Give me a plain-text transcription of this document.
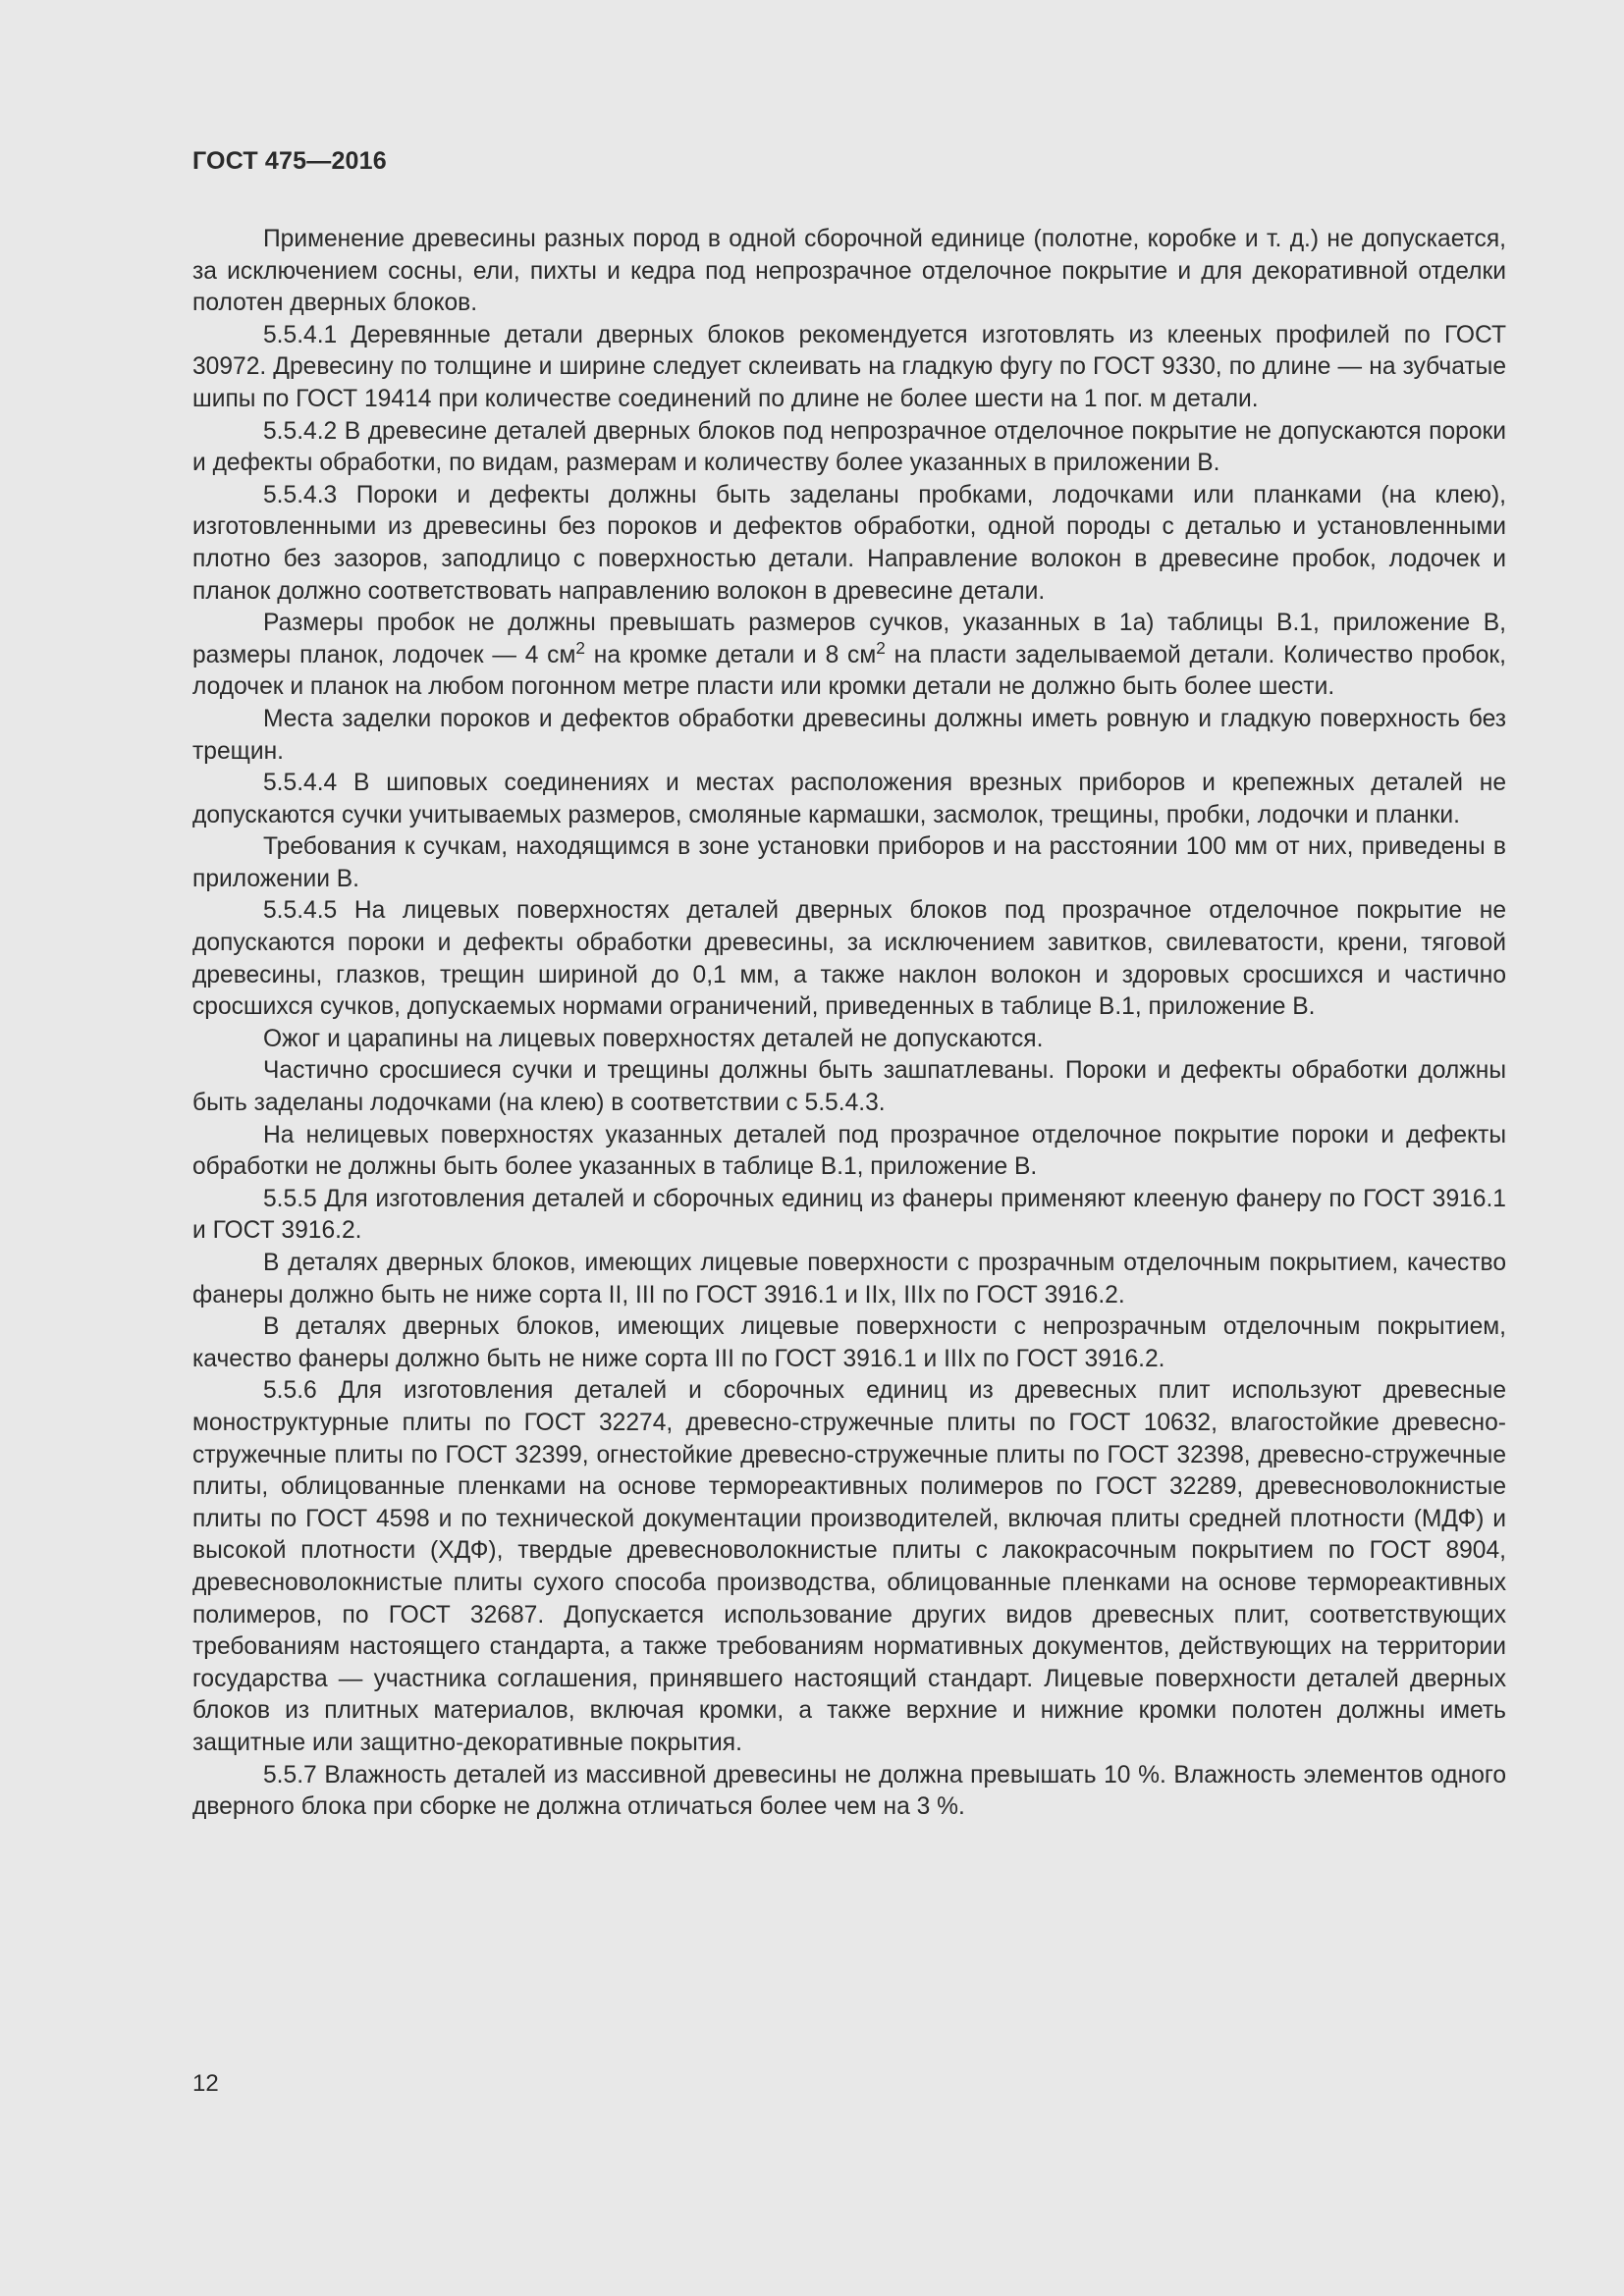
ГОСТ 475—2016

Применение древесины разных пород в одной сборочной единице (полотне, коробке и т. д.) не допускается, за исключением сосны, ели, пихты и кедра под непрозрачное отделочное покрытие и для декоративной отделки полотен дверных блоков.

5.5.4.1 Деревянные детали дверных блоков рекомендуется изготовлять из клееных профилей по ГОСТ 30972. Древесину по толщине и ширине следует склеивать на гладкую фугу по ГОСТ 9330, по длине — на зубчатые шипы по ГОСТ 19414 при количестве соединений по длине не более шести на 1 пог. м детали.

5.5.4.2 В древесине деталей дверных блоков под непрозрачное отделочное покрытие не допускаются пороки и дефекты обработки, по видам, размерам и количеству более указанных в приложении В.

5.5.4.3 Пороки и дефекты должны быть заделаны пробками, лодочками или планками (на клею), изготовленными из древесины без пороков и дефектов обработки, одной породы с деталью и установленными плотно без зазоров, заподлицо с поверхностью детали. Направление волокон в древесине пробок, лодочек и планок должно соответствовать направлению волокон в древесине детали.

Размеры пробок не должны превышать размеров сучков, указанных в 1а) таблицы В.1, приложение В, размеры планок, лодочек — 4 $см^2$ на кромке детали и 8 $см^2$ на пласти заделываемой детали. Количество пробок, лодочек и планок на любом погонном метре пласти или кромки детали не должно быть более шести.

Места заделки пороков и дефектов обработки древесины должны иметь ровную и гладкую поверхность без трещин.

5.5.4.4 В шиповых соединениях и местах расположения врезных приборов и крепежных деталей не допускаются сучки учитываемых размеров, смоляные кармашки, засмолок, трещины, пробки, лодочки и планки.

Требования к сучкам, находящимся в зоне установки приборов и на расстоянии 100 мм от них, приведены в приложении В.

5.5.4.5 На лицевых поверхностях деталей дверных блоков под прозрачное отделочное покрытие не допускаются пороки и дефекты обработки древесины, за исключением завитков, свилеватости, крени, тяговой древесины, глазков, трещин шириной до 0,1 мм, а также наклон волокон и здоровых сросшихся и частично сросшихся сучков, допускаемых нормами ограничений, приведенных в таблице В.1, приложение В.

Ожог и царапины на лицевых поверхностях деталей не допускаются.

Частично сросшиеся сучки и трещины должны быть зашпатлеваны. Пороки и дефекты обработки должны быть заделаны лодочками (на клею) в соответствии с 5.5.4.3.

На нелицевых поверхностях указанных деталей под прозрачное отделочное покрытие пороки и дефекты обработки не должны быть более указанных в таблице В.1, приложение В.

5.5.5 Для изготовления деталей и сборочных единиц из фанеры применяют клееную фанеру по ГОСТ 3916.1 и ГОСТ 3916.2.

В деталях дверных блоков, имеющих лицевые поверхности с прозрачным отделочным покрытием, качество фанеры должно быть не ниже сорта II, III по ГОСТ 3916.1 и IIх, IIIх по ГОСТ 3916.2.

В деталях дверных блоков, имеющих лицевые поверхности с непрозрачным отделочным покрытием, качество фанеры должно быть не ниже сорта III по ГОСТ 3916.1 и IIIх по ГОСТ 3916.2.

5.5.6 Для изготовления деталей и сборочных единиц из древесных плит используют древесные моноструктурные плиты по ГОСТ 32274, древесно-стружечные плиты по ГОСТ 10632, влагостойкие древесно-стружечные плиты по ГОСТ 32399, огнестойкие древесно-стружечные плиты по ГОСТ 32398, древесно-стружечные плиты, облицованные пленками на основе термореактивных полимеров по ГОСТ 32289, древесноволокнистые плиты по ГОСТ 4598 и по технической документации производителей, включая плиты средней плотности (МДФ) и высокой плотности (ХДФ), твердые древесноволокнистые плиты с лакокрасочным покрытием по ГОСТ 8904, древесноволокнистые плиты сухого способа производства, облицованные пленками на основе термореактивных полимеров, по ГОСТ 32687. Допускается использование других видов древесных плит, соответствующих требованиям настоящего стандарта, а также требованиям нормативных документов, действующих на территории государства — участника соглашения, принявшего настоящий стандарт. Лицевые поверхности деталей дверных блоков из плитных материалов, включая кромки, а также верхние и нижние кромки полотен должны иметь защитные или защитно-декоративные покрытия.

5.5.7 Влажность деталей из массивной древесины не должна превышать 10 %. Влажность элементов одного дверного блока при сборке не должна отличаться более чем на 3 %.

12
